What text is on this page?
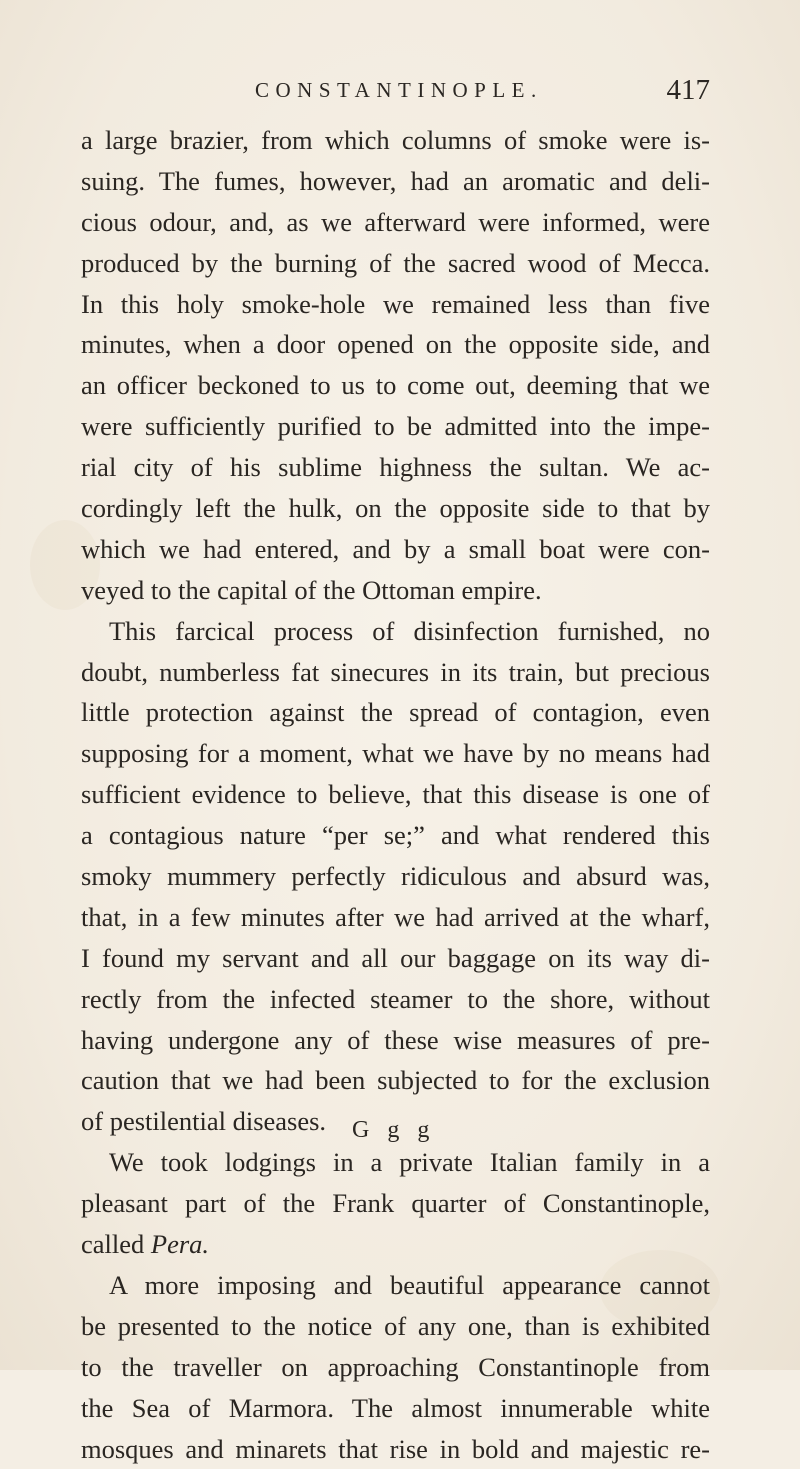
CONSTANTINOPLE.	417
a large brazier, from which columns of smoke were is-
suing. The fumes, however, had an aromatic and deli-
cious odour, and, as we afterward were informed, were
produced by the burning of the sacred wood of Mecca.
In this holy smoke-hole we remained less than five
minutes, when a door opened on the opposite side, and
an officer beckoned to us to come out, deeming that we
were sufficiently purified to be admitted into the impe-
rial city of his sublime highness the sultan. We ac-
cordingly left the hulk, on the opposite side to that by
which we had entered, and by a small boat were con-
veyed to the capital of the Ottoman empire.
This farcical process of disinfection furnished, no
doubt, numberless fat sinecures in its train, but precious
little protection against the spread of contagion, even
supposing for a moment, what we have by no means had
sufficient evidence to believe, that this disease is one of
a contagious nature “per se;” and what rendered this
smoky mummery perfectly ridiculous and absurd was,
that, in a few minutes after we had arrived at the wharf,
I found my servant and all our baggage on its way di-
rectly from the infected steamer to the shore, without
having undergone any of these wise measures of pre-
caution that we had been subjected to for the exclusion
of pestilential diseases.
We took lodgings in a private Italian family in a
pleasant part of the Frank quarter of Constantinople,
called Pera.
A more imposing and beautiful appearance cannot
be presented to the notice of any one, than is exhibited
to the traveller on approaching Constantinople from
the Sea of Marmora. The almost innumerable white
mosques and minarets that rise in bold and majestic re-
G g g
